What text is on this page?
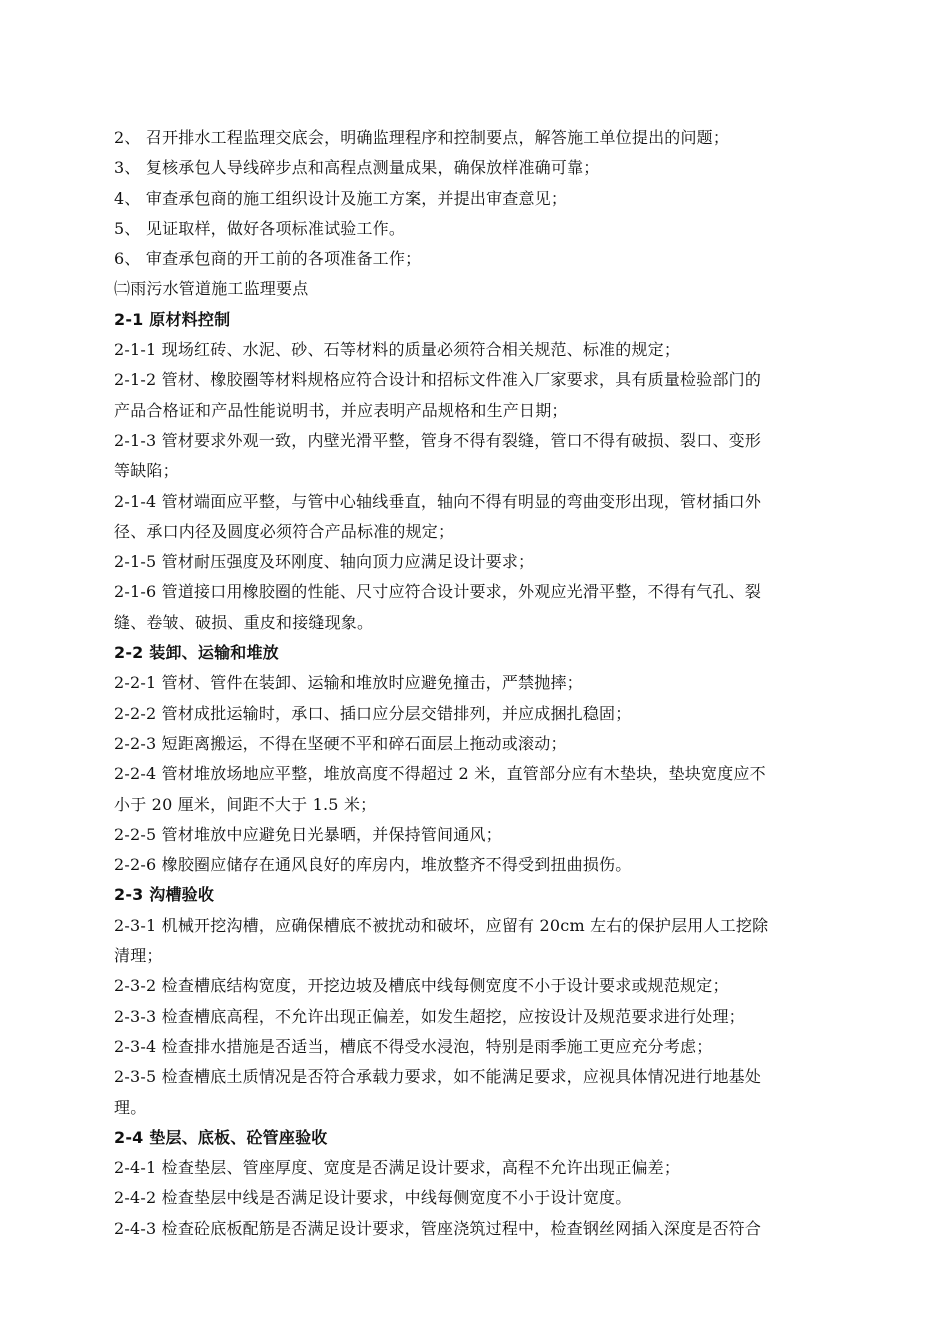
2、 召开排水工程监理交底会，明确监理程序和控制要点，解答施工单位提出的问题；
3、 复核承包人导线碎步点和高程点测量成果，确保放样准确可靠；
4、 审查承包商的施工组织设计及施工方案，并提出审查意见；
5、 见证取样，做好各项标准试验工作。
6、 审查承包商的开工前的各项准备工作；
㈡雨污水管道施工监理要点
2-1 原材料控制
2-1-1 现场红砖、水泥、砂、石等材料的质量必须符合相关规范、标准的规定；
2-1-2 管材、橡胶圈等材料规格应符合设计和招标文件准入厂家要求，具有质量检验部门的
产品合格证和产品性能说明书，并应表明产品规格和生产日期；
2-1-3 管材要求外观一致，内壁光滑平整，管身不得有裂缝，管口不得有破损、裂口、变形
等缺陷；
2-1-4 管材端面应平整，与管中心轴线垂直，轴向不得有明显的弯曲变形出现，管材插口外
径、承口内径及圆度必须符合产品标准的规定；
2-1-5 管材耐压强度及环刚度、轴向顶力应满足设计要求；
2-1-6 管道接口用橡胶圈的性能、尺寸应符合设计要求，外观应光滑平整，不得有气孔、裂
缝、卷皱、破损、重皮和接缝现象。
2-2 装卸、运输和堆放
2-2-1 管材、管件在装卸、运输和堆放时应避免撞击，严禁抛摔；
2-2-2 管材成批运输时，承口、插口应分层交错排列，并应成捆扎稳固；
2-2-3 短距离搬运，不得在坚硬不平和碎石面层上拖动或滚动；
2-2-4 管材堆放场地应平整，堆放高度不得超过 2 米，直管部分应有木垫块，垫块宽度应不
小于 20 厘米，间距不大于 1.5 米；
2-2-5 管材堆放中应避免日光暴晒，并保持管间通风；
2-2-6 橡胶圈应储存在通风良好的库房内，堆放整齐不得受到扭曲损伤。
2-3 沟槽验收
2-3-1 机械开挖沟槽，应确保槽底不被扰动和破坏，应留有 20cm 左右的保护层用人工挖除
清理；
2-3-2 检查槽底结构宽度，开挖边坡及槽底中线每侧宽度不小于设计要求或规范规定；
2-3-3 检查槽底高程，不允许出现正偏差，如发生超挖，应按设计及规范要求进行处理；
2-3-4 检查排水措施是否适当，槽底不得受水浸泡，特别是雨季施工更应充分考虑；
2-3-5 检查槽底土质情况是否符合承载力要求，如不能满足要求，应视具体情况进行地基处
理。
2-4 垫层、底板、砼管座验收
2-4-1 检查垫层、管座厚度、宽度是否满足设计要求，高程不允许出现正偏差；
2-4-2 检查垫层中线是否满足设计要求，中线每侧宽度不小于设计宽度。
2-4-3 检查砼底板配筋是否满足设计要求，管座浇筑过程中，检查钢丝网插入深度是否符合
